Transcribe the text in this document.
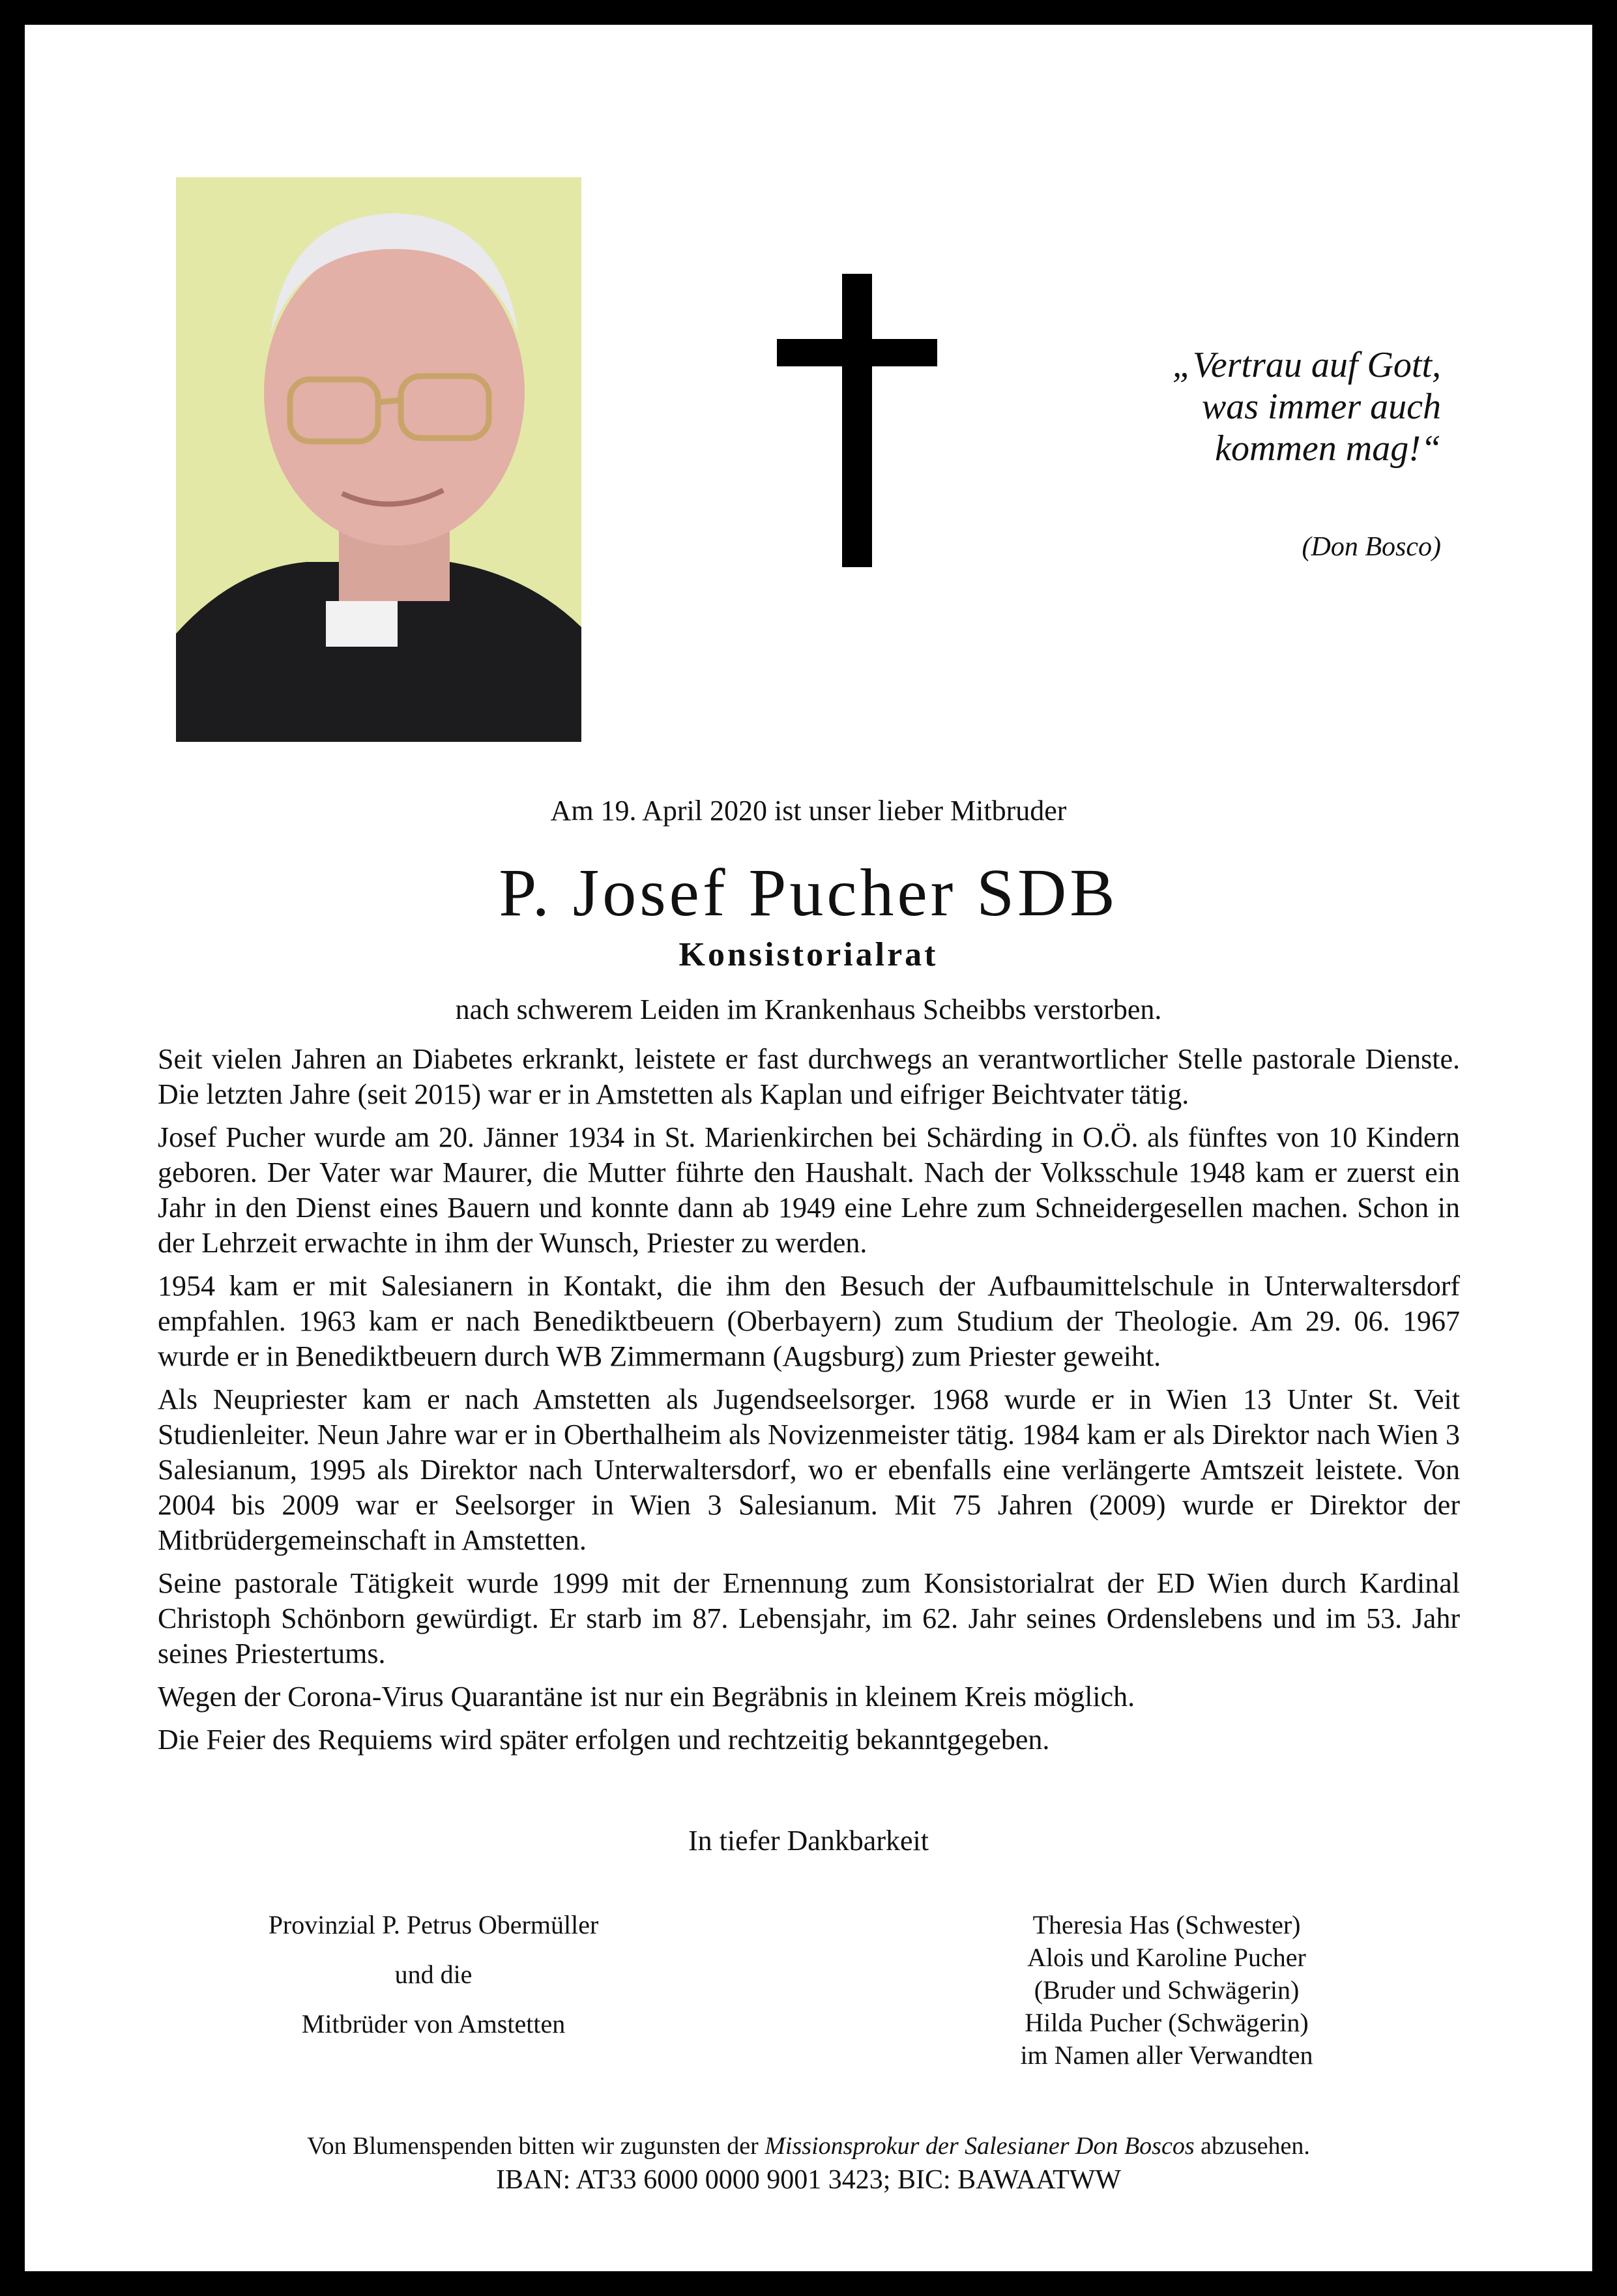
„Vertrau auf Gott,
was immer auch
kommen mag!“
(Don Bosco)
Am 19. April 2020 ist unser lieber Mitbruder
P. Josef Pucher SDB
Konsistorialrat
nach schwerem Leiden im Krankenhaus Scheibbs verstorben.

Seit vielen Jahren an Diabetes erkrankt, leistete er fast durchwegs an verantwortlicher Stelle pastorale Dienste. Die letzten Jahre (seit 2015) war er in Amstetten als Kaplan und eifriger Beichtvater tätig.

Josef Pucher wurde am 20. Jänner 1934 in St. Marienkirchen bei Schärding in O.Ö. als fünftes von 10 Kindern geboren. Der Vater war Maurer, die Mutter führte den Haushalt. Nach der Volksschule 1948 kam er zuerst ein Jahr in den Dienst eines Bauern und konnte dann ab 1949 eine Lehre zum Schneidergesellen machen. Schon in der Lehrzeit erwachte in ihm der Wunsch, Priester zu werden.

1954 kam er mit Salesianern in Kontakt, die ihm den Besuch der Aufbaumittelschule in Unterwaltersdorf empfahlen. 1963 kam er nach Benediktbeuern (Oberbayern) zum Studium der Theologie. Am 29. 06. 1967 wurde er in Benediktbeuern durch WB Zimmermann (Augsburg) zum Priester geweiht.

Als Neupriester kam er nach Amstetten als Jugendseelsorger. 1968 wurde er in Wien 13 Unter St. Veit Studienleiter. Neun Jahre war er in Oberthalheim als Novizenmeister tätig. 1984 kam er als Direktor nach Wien 3 Salesianum, 1995 als Direktor nach Unterwaltersdorf, wo er ebenfalls eine verlängerte Amtszeit leistete. Von 2004 bis 2009 war er Seelsorger in Wien 3 Salesianum. Mit 75 Jahren (2009) wurde er Direktor der Mitbrüdergemeinschaft in Amstetten.

Seine pastorale Tätigkeit wurde 1999 mit der Ernennung zum Konsistorialrat der ED Wien durch Kardinal Christoph Schönborn gewürdigt. Er starb im 87. Lebensjahr, im 62. Jahr seines Ordenslebens und im 53. Jahr seines Priestertums.

Wegen der Corona-Virus Quarantäne ist nur ein Begräbnis in kleinem Kreis möglich.

Die Feier des Requiems wird später erfolgen und rechtzeitig bekanntgegeben.

In tiefer Dankbarkeit
Provinzial P. Petrus Obermüller
und die
Mitbrüder von Amstetten
Theresia Has (Schwester)
Alois und Karoline Pucher
(Bruder und Schwägerin)
Hilda Pucher (Schwägerin)
im Namen aller Verwandten
Von Blumenspenden bitten wir zugunsten der Missionsprokur der Salesianer Don Boscos abzusehen.
IBAN: AT33 6000 0000 9001 3423; BIC: BAWAATWW
